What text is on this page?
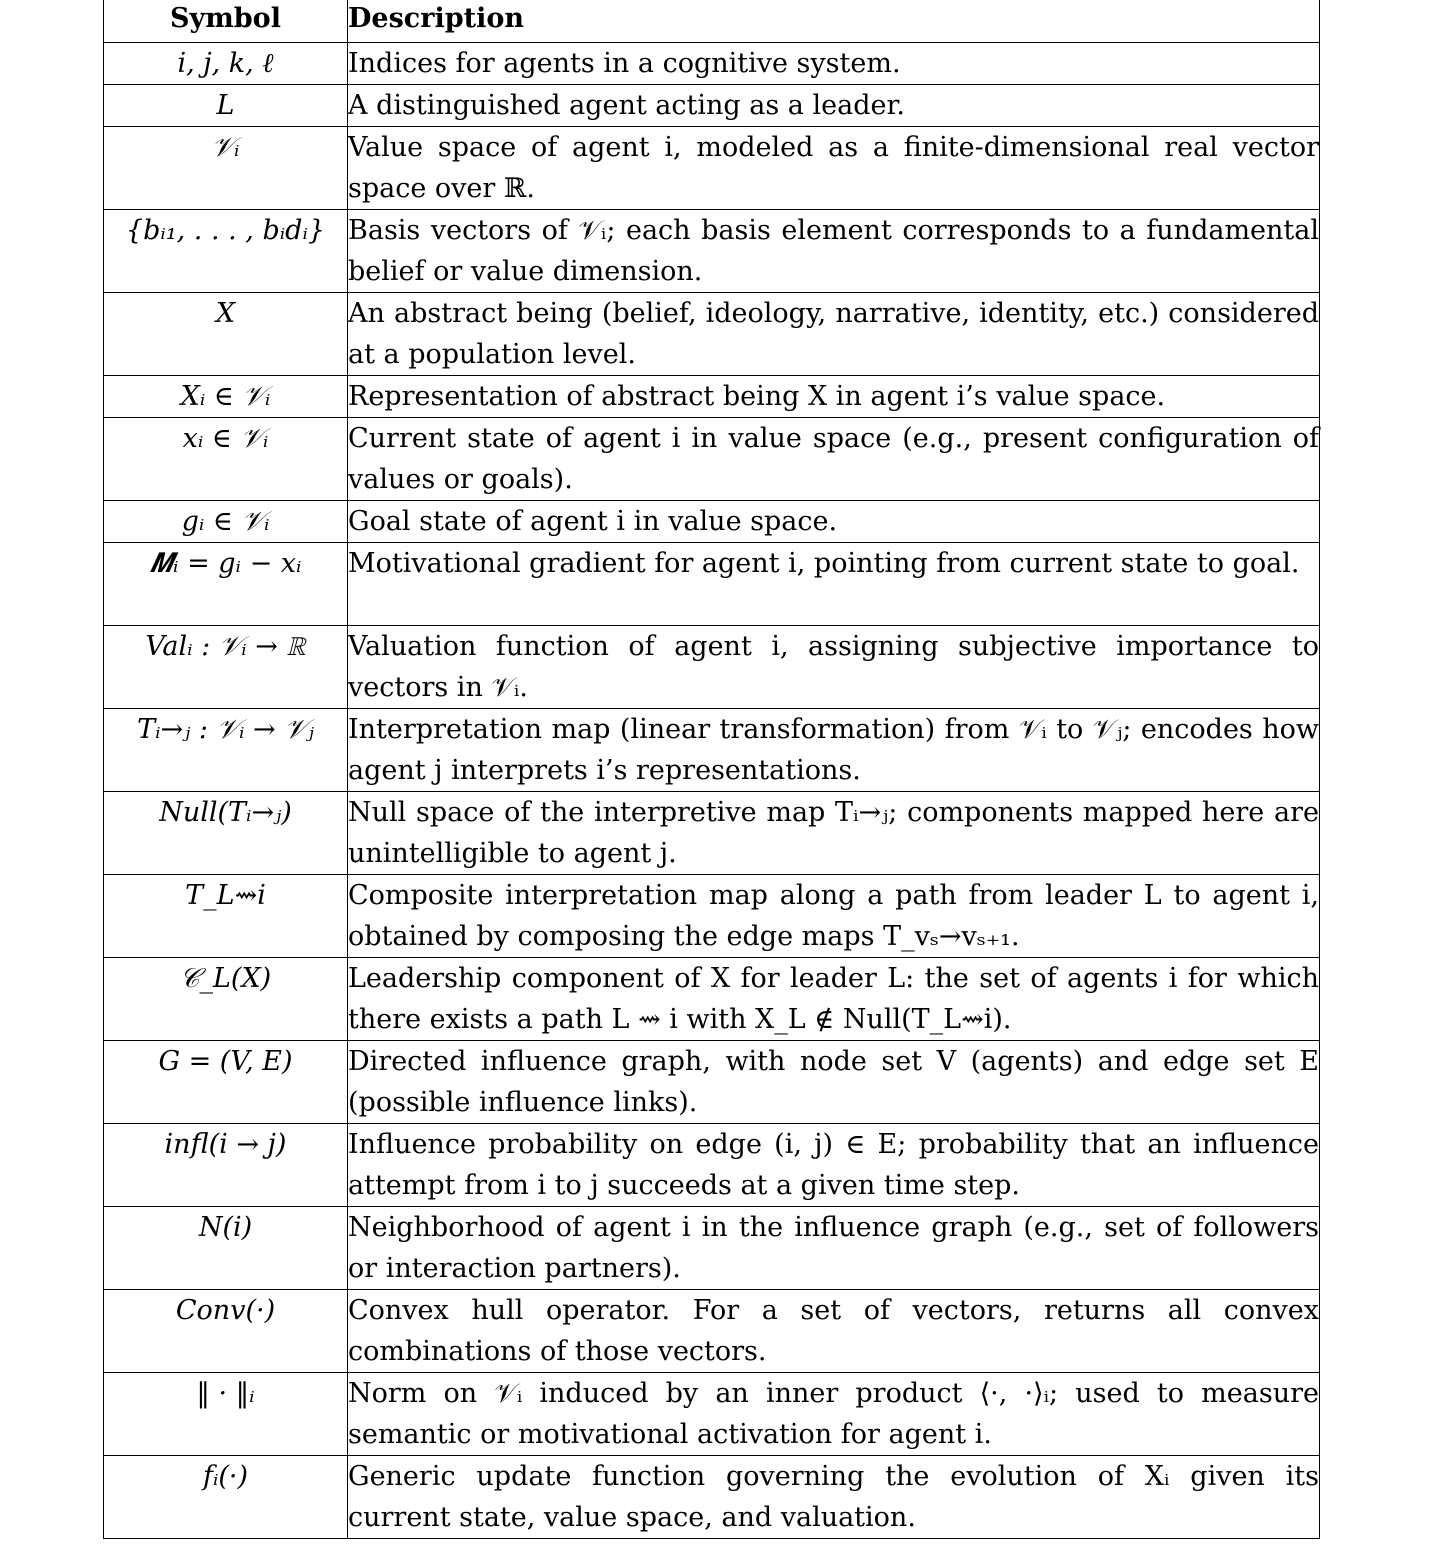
Symbol	Description
i, j, k, ℓ	Indices for agents in a cognitive system.
L	A distinguished agent acting as a leader.
𝒱ᵢ	Value space of agent i, modeled as a finite-dimensional real vector space over ℝ.
{bᵢ₁, . . . , bᵢdᵢ}	Basis vectors of 𝒱ᵢ; each basis element corresponds to a fundamental belief or value dimension.
X	An abstract being (belief, ideology, narrative, identity, etc.) considered at a population level.
Xᵢ ∈ 𝒱ᵢ	Representation of abstract being X in agent i’s value space.
xᵢ ∈ 𝒱ᵢ	Current state of agent i in value space (e.g., present configuration of values or goals).
gᵢ ∈ 𝒱ᵢ	Goal state of agent i in value space.
𝑴ᵢ = gᵢ − xᵢ	Motivational gradient for agent i, pointing from current state to goal.
Valᵢ : 𝒱ᵢ → ℝ	Valuation function of agent i, assigning subjective importance to vectors in 𝒱ᵢ.
Tᵢ→ⱼ : 𝒱ᵢ → 𝒱ⱼ	Interpretation map (linear transformation) from 𝒱ᵢ to 𝒱ⱼ; encodes how agent j interprets i’s representations.
Null(Tᵢ→ⱼ)	Null space of the interpretive map Tᵢ→ⱼ; components mapped here are unintelligible to agent j.
T_L⇝i	Composite interpretation map along a path from leader L to agent i, obtained by composing the edge maps T_vₛ→vₛ₊₁.
𝒞_L(X)	Leadership component of X for leader L: the set of agents i for which there exists a path L ⇝ i with X_L ∉ Null(T_L⇝i).
G = (V, E)	Directed influence graph, with node set V (agents) and edge set E (possible influence links).
infl(i → j)	Influence probability on edge (i, j) ∈ E; probability that an influence attempt from i to j succeeds at a given time step.
N(i)	Neighborhood of agent i in the influence graph (e.g., set of followers or interaction partners).
Conv(·)	Convex hull operator. For a set of vectors, returns all convex combinations of those vectors.
‖ · ‖ᵢ	Norm on 𝒱ᵢ induced by an inner product ⟨·, ·⟩ᵢ; used to measure semantic or motivational activation for agent i.
fᵢ(·)	Generic update function governing the evolution of Xᵢ given its current state, value space, and valuation.
